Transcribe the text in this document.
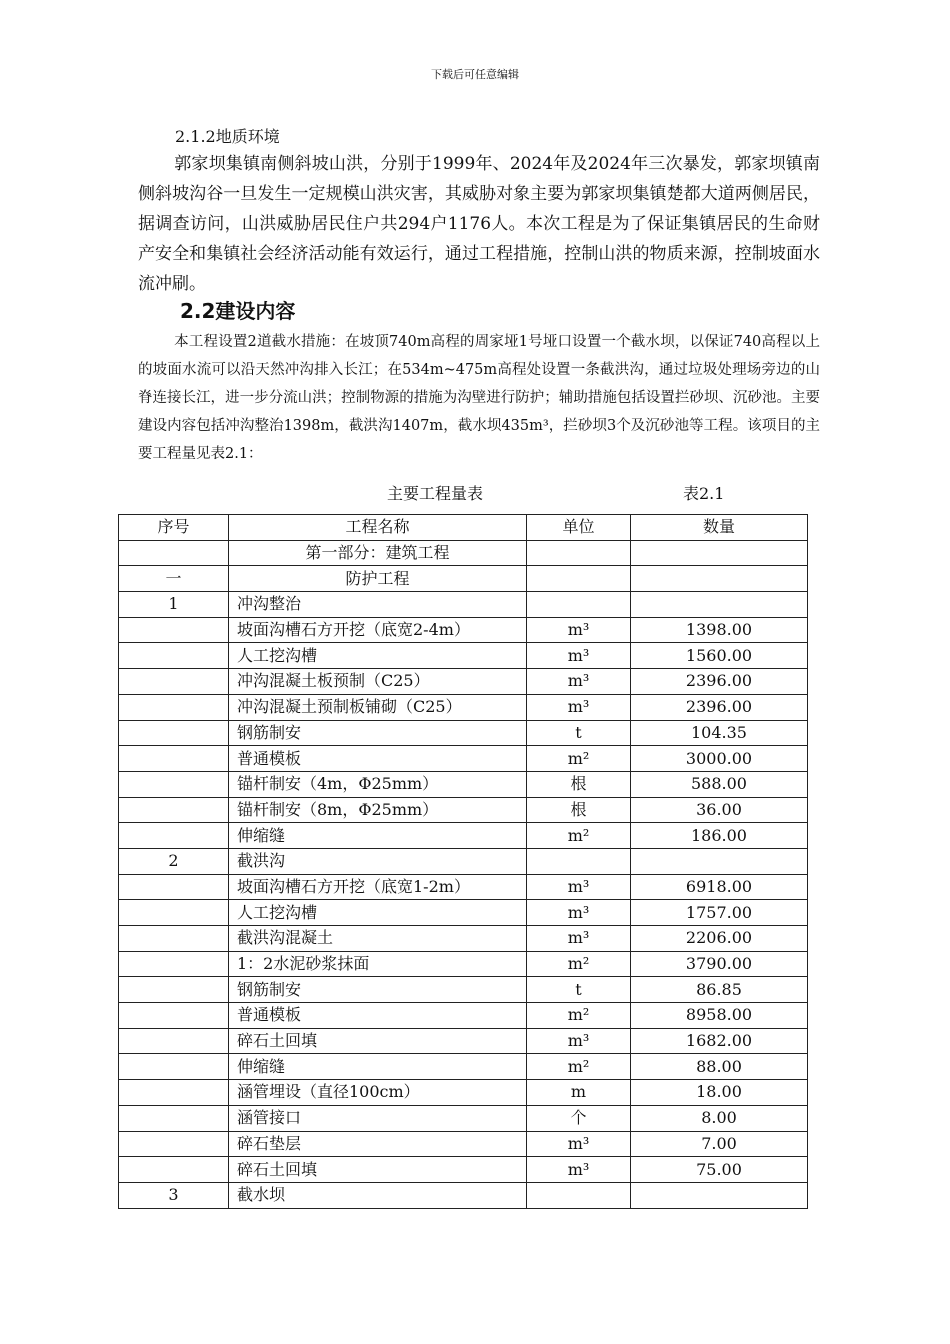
下载后可任意编辑
2.1.2地质环境
郭家坝集镇南侧斜坡山洪，分别于1999年、2024年及2024年三次暴发，郭家坝镇南侧斜坡沟谷一旦发生一定规模山洪灾害，其威胁对象主要为郭家坝集镇楚都大道两侧居民，据调查访问，山洪威胁居民住户共294户1176人。本次工程是为了保证集镇居民的生命财产安全和集镇社会经济活动能有效运行，通过工程措施，控制山洪的物质来源，控制坡面水流冲刷。
2.2建设内容
本工程设置2道截水措施：在坡顶740m高程的周家垭1号垭口设置一个截水坝，以保证740高程以上的坡面水流可以沿天然冲沟排入长江；在534m~475m高程处设置一条截洪沟，通过垃圾处理场旁边的山脊连接长江，进一步分流山洪；控制物源的措施为沟壁进行防护；辅助措施包括设置拦砂坝、沉砂池。主要建设内容包括冲沟整治1398m，截洪沟1407m，截水坝435m³，拦砂坝3个及沉砂池等工程。该项目的主要工程量见表2.1：
主要工程量表	表2.1
序号	工程名称	单位	数量
	第一部分：建筑工程		
一	防护工程		
1	冲沟整治		
	坡面沟槽石方开挖（底宽2-4m）	m³	1398.00
	人工挖沟槽	m³	1560.00
	冲沟混凝土板预制（C25）	m³	2396.00
	冲沟混凝土预制板铺砌（C25）	m³	2396.00
	钢筋制安	t	104.35
	普通模板	m²	3000.00
	锚杆制安（4m，Φ25mm）	根	588.00
	锚杆制安（8m，Φ25mm）	根	36.00
	伸缩缝	m²	186.00
2	截洪沟		
	坡面沟槽石方开挖（底宽1-2m）	m³	6918.00
	人工挖沟槽	m³	1757.00
	截洪沟混凝土	m³	2206.00
	1：2水泥砂浆抹面	m²	3790.00
	钢筋制安	t	86.85
	普通模板	m²	8958.00
	碎石土回填	m³	1682.00
	伸缩缝	m²	88.00
	涵管埋设（直径100cm）	m	18.00
	涵管接口	个	8.00
	碎石垫层	m³	7.00
	碎石土回填	m³	75.00
3	截水坝		
